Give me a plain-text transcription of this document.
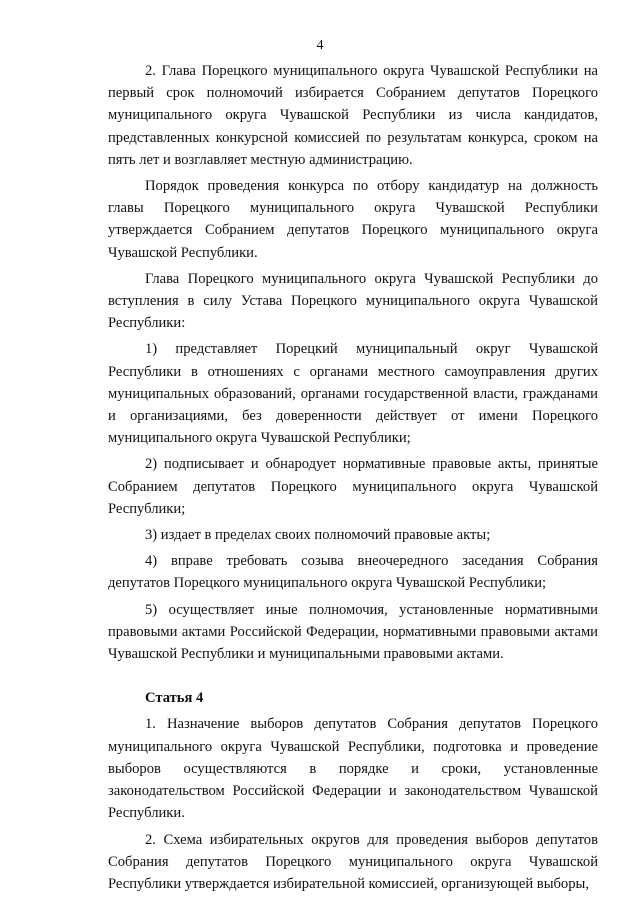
4

2. Глава Порецкого муниципального округа Чувашской Республики на первый срок полномочий избирается Собранием депутатов Порецкого муниципального округа Чувашской Республики из числа кандидатов, представленных конкурсной комиссией по результатам конкурса, сроком на пять лет и возглавляет местную администрацию.

Порядок проведения конкурса по отбору кандидатур на должность главы Порецкого муниципального округа Чувашской Республики утверждается Собранием депутатов Порецкого муниципального округа Чувашской Республики.

Глава Порецкого муниципального округа Чувашской Республики до вступления в силу Устава Порецкого муниципального округа Чувашской Республики:

1) представляет Порецкий муниципальный округ Чувашской Республики в отношениях с органами местного самоуправления других муниципальных образований, органами государственной власти, гражданами и организациями, без доверенности действует от имени Порецкого муниципального округа Чувашской Республики;

2) подписывает и обнародует нормативные правовые акты, принятые Собранием депутатов Порецкого муниципального округа Чувашской Республики;

3) издает в пределах своих полномочий правовые акты;

4) вправе требовать созыва внеочередного заседания Собрания депутатов Порецкого муниципального округа Чувашской Республики;

5) осуществляет иные полномочия, установленные нормативными правовыми актами Российской Федерации, нормативными правовыми актами Чувашской Республики и муниципальными правовыми актами.

Статья 4

1. Назначение выборов депутатов Собрания депутатов Порецкого муниципального округа Чувашской Республики, подготовка и проведение выборов осуществляются в порядке и сроки, установленные законодательством Российской Федерации и законодательством Чувашской Республики.

2. Схема избирательных округов для проведения выборов депутатов Собрания депутатов Порецкого муниципального округа Чувашской Республики утверждается избирательной комиссией, организующей выборы,
